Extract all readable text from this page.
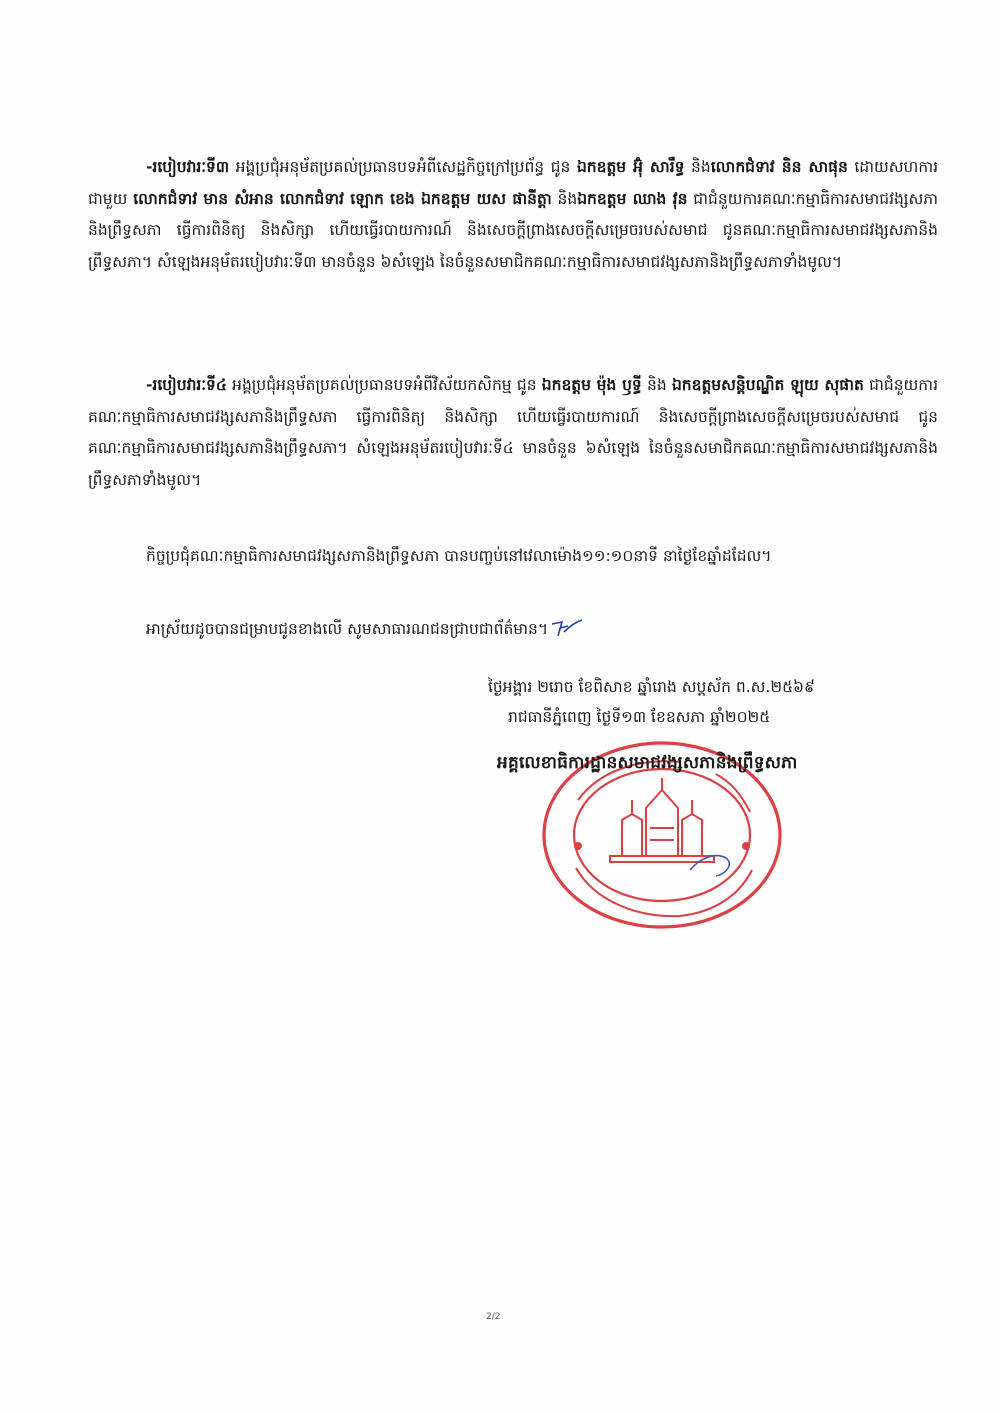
-របៀបវារៈទី៣ អង្គប្រជុំអនុម័តប្រគល់ប្រធានបទអំពីសេដ្ឋកិច្ចក្រៅប្រព័ន្ធ ជូន ឯកឧត្តម អ៊ុំ សារឹទ្ធ និងលោកជំទាវ និន សាផុន ដោយសហការជាមួយ លោកជំទាវ មាន សំអាន លោកជំទាវ ឡោក ខេង ឯកឧត្តម យស ផាន់ីត្តា និងឯកឧត្តម ឈាង វុន ជាជំនួយការគណៈកម្មាធិការសមាជវង្សសភានិងព្រឹទ្ធសភា ធ្វើការពិនិត្យ និងសិក្សា ហើយធ្វើរបាយការណ៍ និងសេចក្ដីព្រាងសេចក្ដីសម្រេចរបស់សមាជ ជូនគណៈកម្មាធិការសមាជវង្សសភានិងព្រឹទ្ធសភា។ សំឡេងអនុម័តរបៀបវារៈទី៣ មានចំនួន ៦សំឡេង នៃចំនួនសមាជិកគណៈកម្មាធិការសមាជវង្សសភានិងព្រឹទ្ធសភាទាំងមូល។

-របៀបវារៈទី៤ អង្គប្រជុំអនុម័តប្រគល់ប្រធានបទអំពីវិស័យកសិកម្ម ជូន ឯកឧត្តម ម៉ុង ឫទ្ធី និង ឯកឧត្តមសន្តិបណ្ឌិត ឡុយ សុផាត ជាជំនួយការគណៈកម្មាធិការសមាជវង្សសភានិងព្រឹទ្ធសភា ធ្វើការពិនិត្យ និងសិក្សា ហើយធ្វើរបាយការណ៍ និងសេចក្ដីព្រាងសេចក្ដីសម្រេចរបស់សមាជ ជូន គណៈកម្មាធិការសមាជវង្សសភានិងព្រឹទ្ធសភា។ សំឡេងអនុម័តរបៀបវារៈទី៤ មានចំនួន ៦សំឡេង នៃចំនួនសមាជិកគណៈកម្មាធិការសមាជវង្សសភានិងព្រឹទ្ធសភាទាំងមូល។

កិច្ចប្រជុំគណៈកម្មាធិការសមាជវង្សសភានិងព្រឹទ្ធសភា បានបញ្ចប់នៅវេលាម៉ោង១១:១០នាទី នាថ្ងៃខែឆ្នាំដដែល។

អាស្រ័យដូចបានជម្រាបជូនខាងលើ សូមសាធារណជនជ្រាបជាព័ត៌មាន។

ថ្ងៃអង្គារ ២រោច ខែពិសាខ ឆ្នាំរោង សប្តស័ក ព.ស.២៥៦៩
រាជធានីភ្នំពេញ ថ្ងៃទី១៣ ខែឧសភា ឆ្នាំ២០២៥
អគ្គលេខាធិការដ្ឋានសមាជវង្សសភានិងព្រឹទ្ធសភា
2/2
